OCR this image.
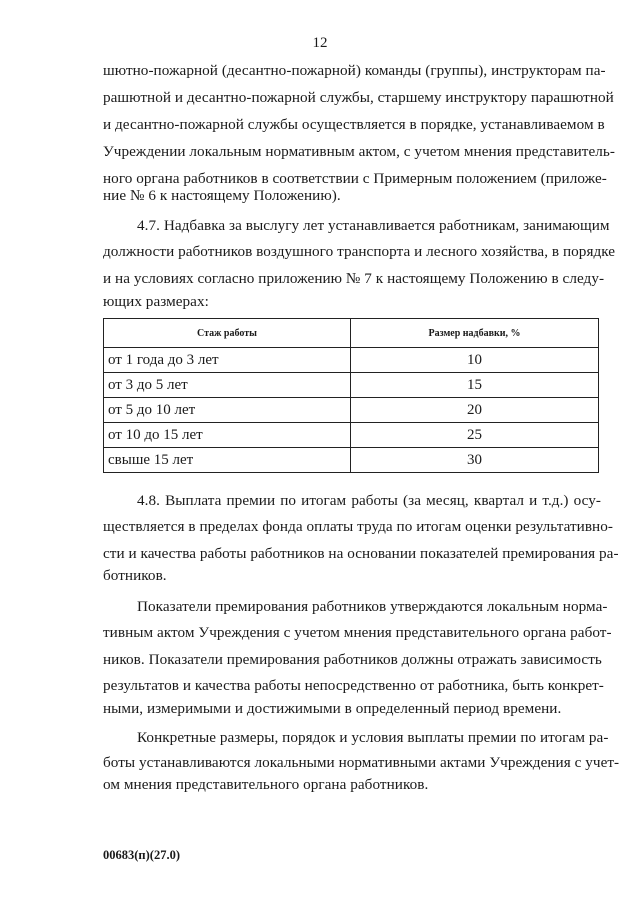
12
шютно-пожарной (десантно-пожарной) команды (группы), инструкторам па-
рашютной и десантно-пожарной службы, старшему инструктору парашютной
и десантно-пожарной службы осуществляется в порядке, устанавливаемом в
Учреждении локальным нормативным актом, с учетом мнения представитель-
ного органа работников в соответствии с Примерным положением (приложе-
ние № 6 к настоящему Положению).
4.7. Надбавка за выслугу лет устанавливается работникам, занимающим
должности работников воздушного транспорта и лесного хозяйства, в порядке
и на условиях согласно приложению № 7 к настоящему Положению в следу-
ющих размерах:
Стаж работы	Размер надбавки, %
от 1 года до 3 лет	10
от 3 до 5 лет	15
от 5 до 10 лет	20
от 10 до 15 лет	25
свыше 15 лет	30
4.8. Выплата премии по итогам работы (за месяц, квартал и т.д.) осу-
ществляется в пределах фонда оплаты труда по итогам оценки результативно-
сти и качества работы работников на основании показателей премирования ра-
ботников.
Показатели премирования работников утверждаются локальным норма-
тивным актом Учреждения с учетом мнения представительного органа работ-
ников. Показатели премирования работников должны отражать зависимость
результатов и качества работы непосредственно от работника, быть конкрет-
ными, измеримыми и достижимыми в определенный период времени.
Конкретные размеры, порядок и условия выплаты премии по итогам ра-
боты устанавливаются локальными нормативными актами Учреждения с учет-
ом мнения представительного органа работников.
00683(п)(27.0)
